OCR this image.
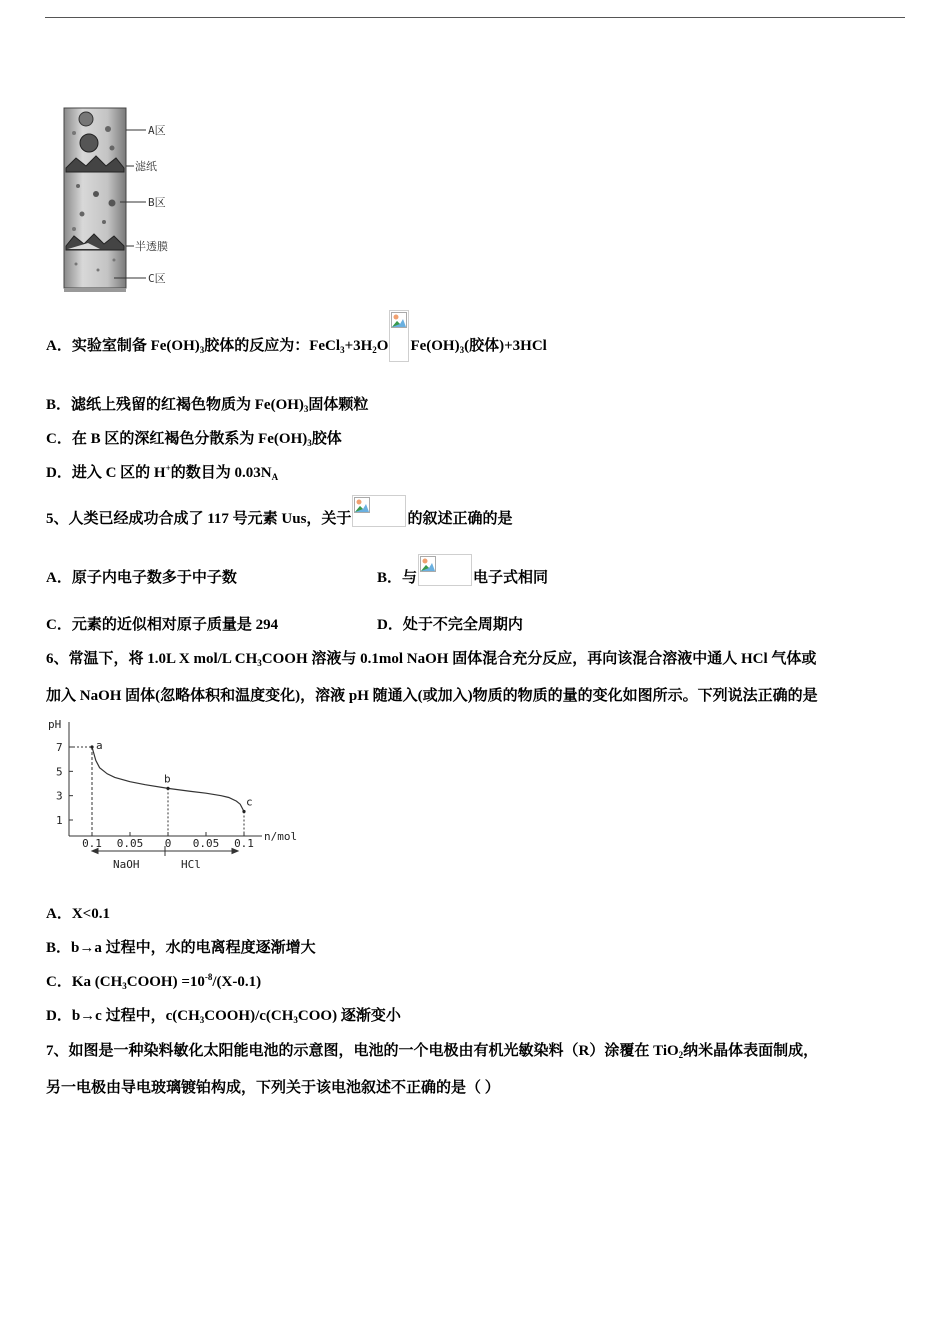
A区
滤纸
B区
半透膜
C区
A．实验室制备 $Fe(OH)_3$胶体的反应为：$FeCl_3+3H_2O$ $Fe(OH)_3$(胶体)+3HCl
B．滤纸上残留的红褐色物质为 $Fe(OH)_3$固体颗粒
C．在 B 区的深红褐色分散系为 $Fe(OH)_3$胶体
D．进入 C 区的 H+的数目为 $0.03N_A$
5、人类已经成功合成了 117 号元素 Uus，关于	的叙述正确的是
A．原子内电子数多于中子数	B．与	电子式相同
C．元素的近似相对原子质量是 294	D．处于不完全周期内
6、常温下，将 1.0L X mol/L $CH_3COOH$ 溶液与 0.1mol NaOH 固体混合充分反应，再向该混合溶液中通人 HCl 气体或
加入 NaOH 固体(忽略体积和温度变化)，溶液 pH 随通入(或加入)物质的物质的量的变化如图所示。下列说法正确的是
pH
n/mol
NaOH	HCl
1
3
5
7
0.1 0.05 0 0.05 0.1
a
b
c
A．X<0.1
B．b→a 过程中，水的电离程度逐渐增大
C．Ka $(CH_3COOH) =10^{-8}/(X-0.1)$
D．b→c 过程中，$c(CH_3COOH)/c(CH_3COO)$ 逐渐变小
7、如图是一种染料敏化太阳能电池的示意图，电池的一个电极由有机光敏染料（R）涂覆在 TiO$_2$纳米晶体表面制成，
另一电极由导电玻璃镀铂构成，下列关于该电池叙述不正确的是（ ）
